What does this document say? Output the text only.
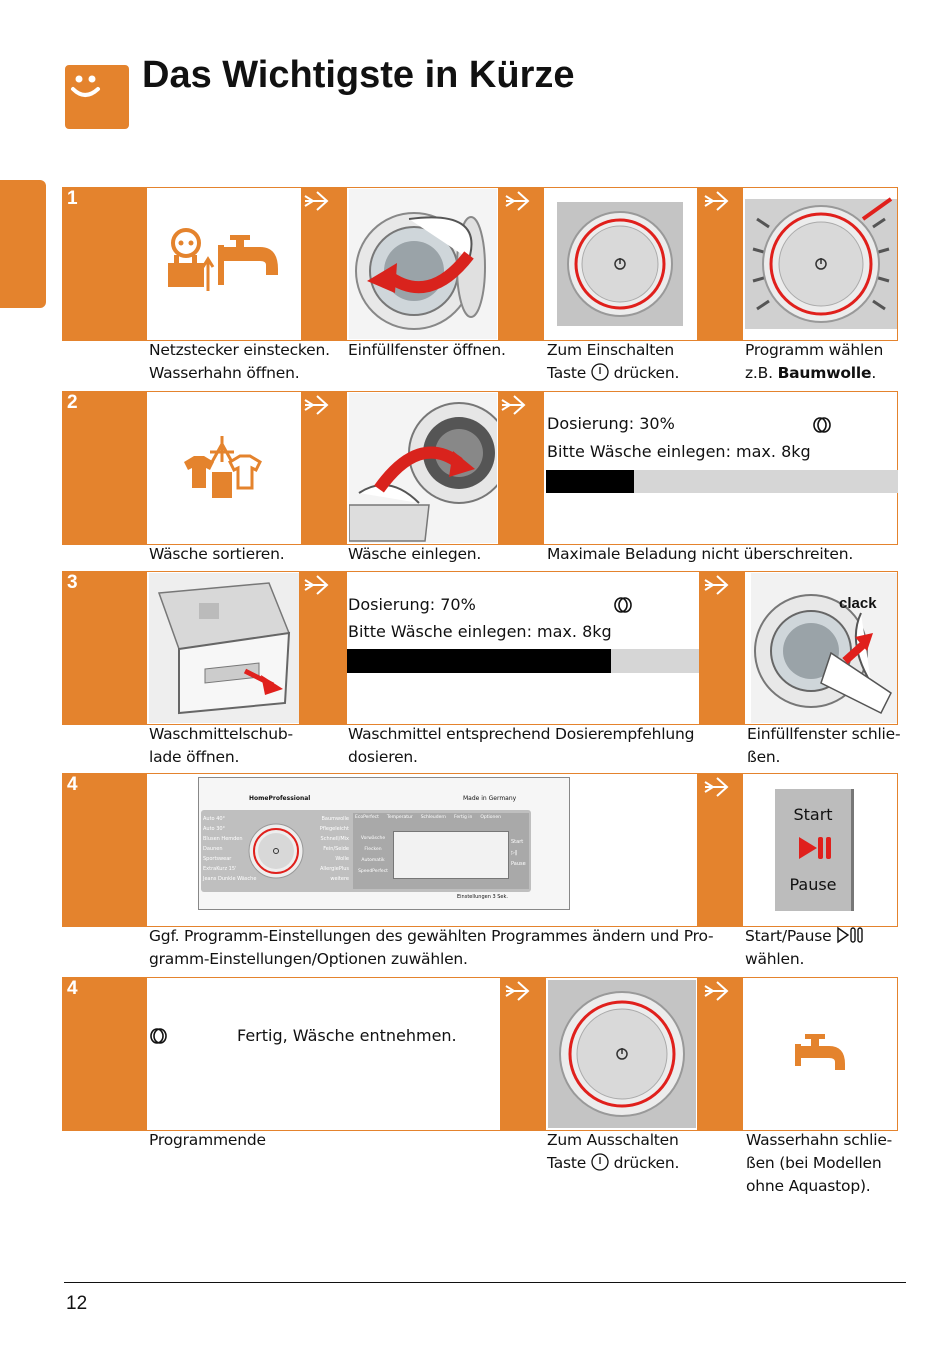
Das Wichtigste in Kürze
1
Netzstecker einstecken.
Wasserhahn öffnen.
Einfüllfenster öffnen.	Zum Einschalten
Taste drücken.
Programm wählen
z.B. Baumwolle.
2
Dosierung: 30%
Bitte Wäsche einlegen: max. 8kg
Wäsche sortieren.	Wäsche einlegen.	Maximale Beladung nicht überschreiten.
3
Dosierung: 70%
Bitte Wäsche einlegen: max. 8kg
clack
Waschmittelschub-
lade öffnen.
Waschmittel entsprechend Dosierempfehlung
dosieren.
Einfüllfenster schlie-
ßen.
4
HomeProfessional	Made in Germany
Auto 40°
Auto 30°
Blusen Hemden
Daunen
Sportswear
ExtraKurz 15'
Jeans Dunkle Wäsche
Baumwolle
Pflegeleicht
Schnell/Mix
Fein/Seide
Wolle
AllergiePlus
weitere
EcoPerfect Temperatur Schleudern Fertig in Optionen
Vorwäsche
Flecken Automatik
SpeedPerfect
Start
▷‖
Pause
Einstellungen 3 Sek.
Start
Pause
Ggf. Programm-Einstellungen des gewählten Programmes ändern und Pro-
gramm-Einstellungen/Optionen zuwählen.
Start/Pause
wählen.
4
Fertig, Wäsche entnehmen.
Programmende	Zum Ausschalten
Taste drücken.
Wasserhahn schlie-
ßen (bei Modellen
ohne Aquastop).
12
